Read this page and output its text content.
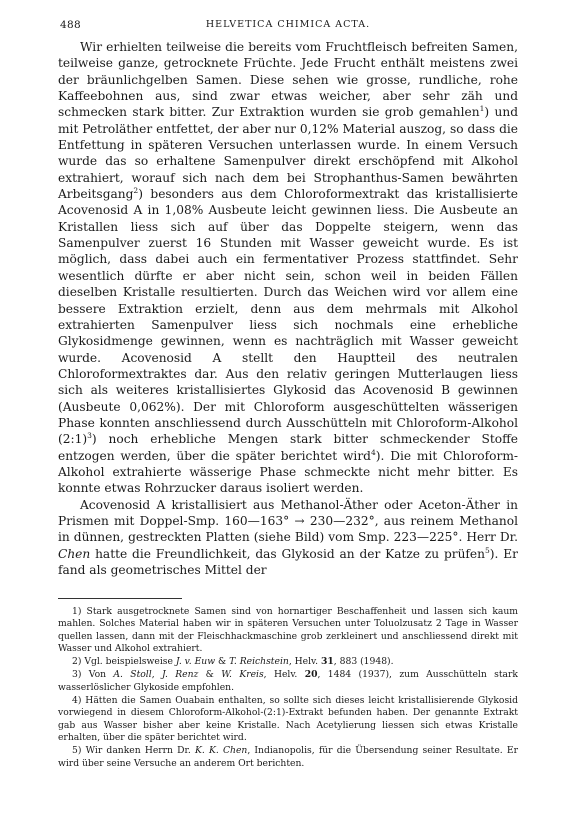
488	HELVETICA CHIMICA ACTA.

Wir erhielten teilweise die bereits vom Fruchtfleisch befreiten Samen, teilweise ganze, getrocknete Früchte. Jede Frucht enthält meistens zwei der bräunlichgelben Samen. Diese sehen wie grosse, rundliche, rohe Kaffeebohnen aus, sind zwar etwas weicher, aber sehr zäh und schmecken stark bitter. Zur Extraktion wurden sie grob gemahlen$^1$) und mit Petroläther entfettet, der aber nur 0,12% Material auszog, so dass die Entfettung in späteren Versuchen unterlassen wurde. In einem Versuch wurde das so erhaltene Samenpulver direkt erschöpfend mit Alkohol extrahiert, worauf sich nach dem bei Strophanthus-Samen bewährten Arbeitsgang$^2$) besonders aus dem Chloroformextrakt das kristallisierte Acovenosid A in 1,08% Ausbeute leicht gewinnen liess. Die Ausbeute an Kristallen liess sich auf über das Doppelte steigern, wenn das Samenpulver zuerst 16 Stunden mit Wasser geweicht wurde. Es ist möglich, dass dabei auch ein fermentativer Prozess stattfindet. Sehr wesentlich dürfte er aber nicht sein, schon weil in beiden Fällen dieselben Kristalle resultierten. Durch das Weichen wird vor allem eine bessere Extraktion erzielt, denn aus dem mehrmals mit Alkohol extrahierten Samenpulver liess sich nochmals eine erhebliche Glykosidmenge gewinnen, wenn es nachträglich mit Wasser geweicht wurde. Acovenosid A stellt den Hauptteil des neutralen Chloroformextraktes dar. Aus den relativ geringen Mutterlaugen liess sich als weiteres kristallisiertes Glykosid das Acovenosid B gewinnen (Ausbeute 0,062%). Der mit Chloroform ausgeschüttelten wässerigen Phase konnten anschliessend durch Ausschütteln mit Chloroform-Alkohol (2:1)$^3$) noch erhebliche Mengen stark bitter schmeckender Stoffe entzogen werden, über die später berichtet wird$^4$). Die mit Chloroform-Alkohol extrahierte wässerige Phase schmeckte nicht mehr bitter. Es konnte etwas Rohrzucker daraus isoliert werden.

Acovenosid A kristallisiert aus Methanol-Äther oder Aceton-Äther in Prismen mit Doppel-Smp. 160—163° → 230—232°, aus reinem Methanol in dünnen, gestreckten Platten (siehe Bild) vom Smp. 223—225°. Herr Dr. Chen hatte die Freundlichkeit, das Glykosid an der Katze zu prüfen$^5$). Er fand als geometrisches Mittel der

1) Stark ausgetrocknete Samen sind von hornartiger Beschaffenheit und lassen sich kaum mahlen. Solches Material haben wir in späteren Versuchen unter Toluolzusatz 2 Tage in Wasser quellen lassen, dann mit der Fleischhackmaschine grob zerkleinert und anschliessend direkt mit Wasser und Alkohol extrahiert.

2) Vgl. beispielsweise J. v. Euw & T. Reichstein, Helv. 31, 883 (1948).

3) Von A. Stoll, J. Renz & W. Kreis, Helv. 20, 1484 (1937), zum Ausschütteln stark wasserlöslicher Glykoside empfohlen.

4) Hätten die Samen Ouabain enthalten, so sollte sich dieses leicht kristallisierende Glykosid vorwiegend in diesem Chloroform-Alkohol-(2:1)-Extrakt befunden haben. Der genannte Extrakt gab aus Wasser bisher aber keine Kristalle. Nach Acetylierung liessen sich etwas Kristalle erhalten, über die später berichtet wird.

5) Wir danken Herrn Dr. K. K. Chen, Indianopolis, für die Übersendung seiner Resultate. Er wird über seine Versuche an anderem Ort berichten.
